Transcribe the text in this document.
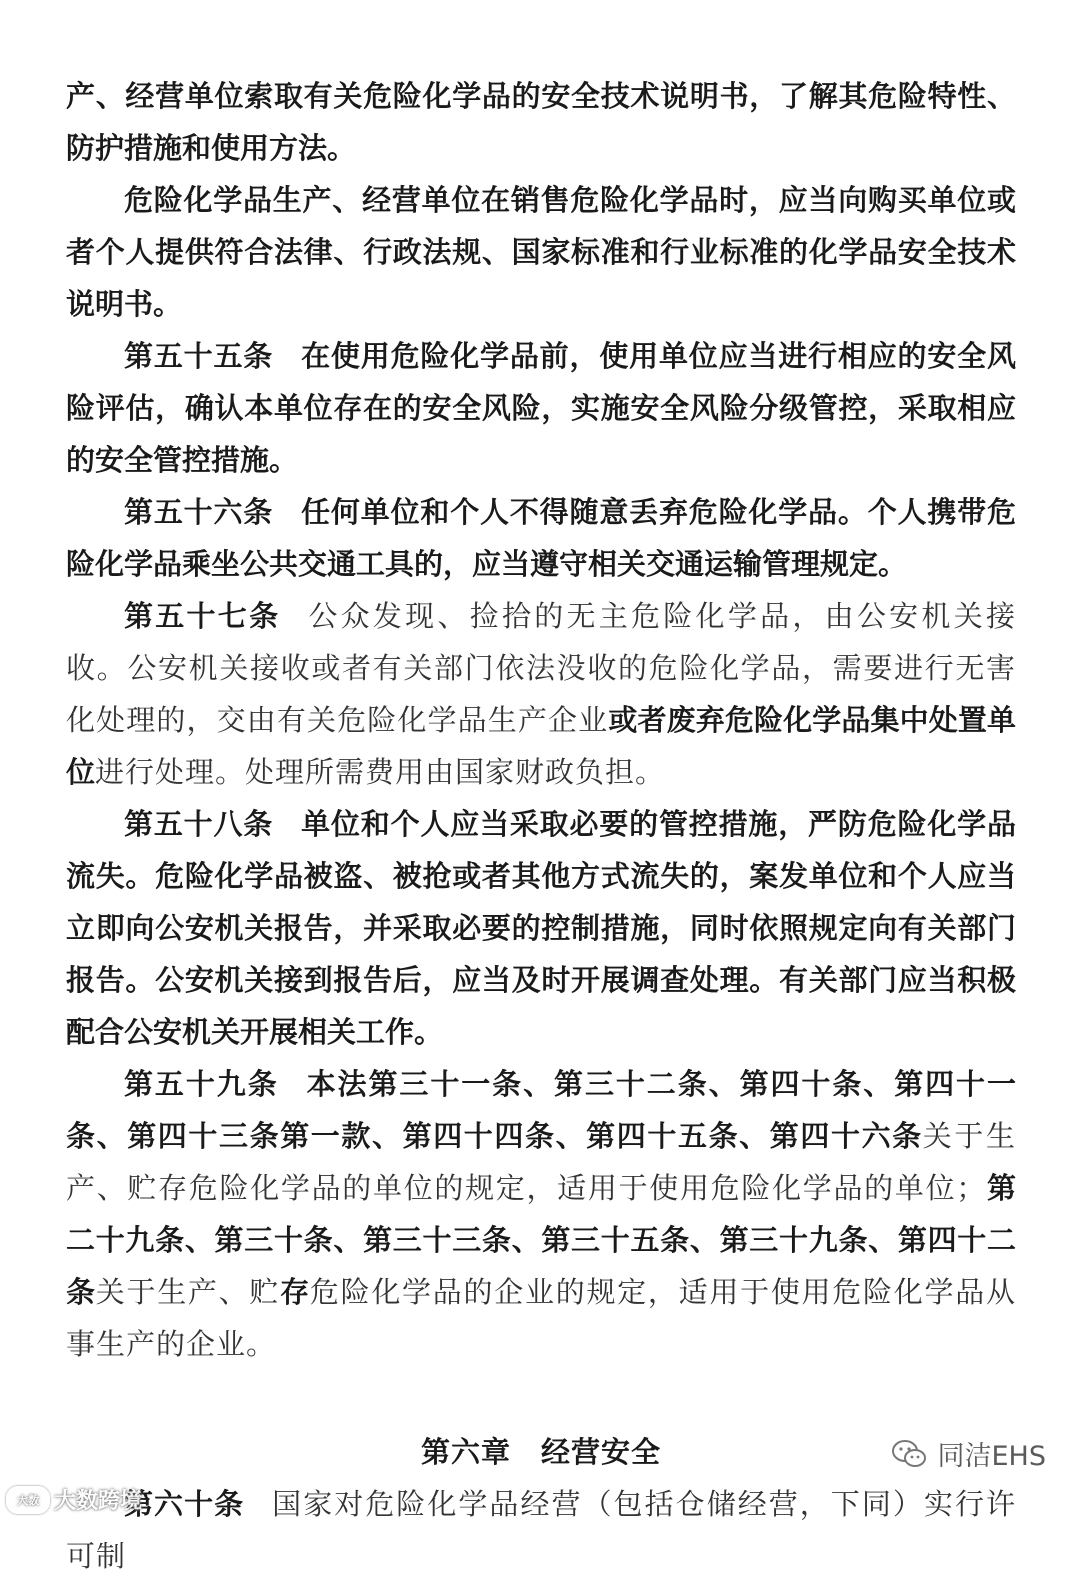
产、经营单位索取有关危险化学品的安全技术说明书，了解其危险特性、防护措施和使用方法。

危险化学品生产、经营单位在销售危险化学品时，应当向购买单位或者个人提供符合法律、行政法规、国家标准和行业标准的化学品安全技术说明书。

第五十五条 在使用危险化学品前，使用单位应当进行相应的安全风险评估，确认本单位存在的安全风险，实施安全风险分级管控，采取相应的安全管控措施。

第五十六条 任何单位和个人不得随意丢弃危险化学品。个人携带危险化学品乘坐公共交通工具的，应当遵守相关交通运输管理规定。

第五十七条 公众发现、捡拾的无主危险化学品，由公安机关接收。公安机关接收或者有关部门依法没收的危险化学品，需要进行无害化处理的，交由有关危险化学品生产企业或者废弃危险化学品集中处置单位进行处理。处理所需费用由国家财政负担。

第五十八条 单位和个人应当采取必要的管控措施，严防危险化学品流失。危险化学品被盗、被抢或者其他方式流失的，案发单位和个人应当立即向公安机关报告，并采取必要的控制措施，同时依照规定向有关部门报告。公安机关接到报告后，应当及时开展调查处理。有关部门应当积极配合公安机关开展相关工作。

第五十九条 本法第三十一条、第三十二条、第四十条、第四十一条、第四十三条第一款、第四十四条、第四十五条、第四十六条关于生产、贮存危险化学品的单位的规定，适用于使用危险化学品的单位；第二十九条、第三十条、第三十三条、第三十五条、第三十九条、第四十二条关于生产、贮存危险化学品的企业的规定，适用于使用危险化学品从事生产的企业。

第六章 经营安全

第六十条 国家对危险化学品经营（包括仓储经营，下同）实行许可制

同洁EHS
大数 大数跨境
